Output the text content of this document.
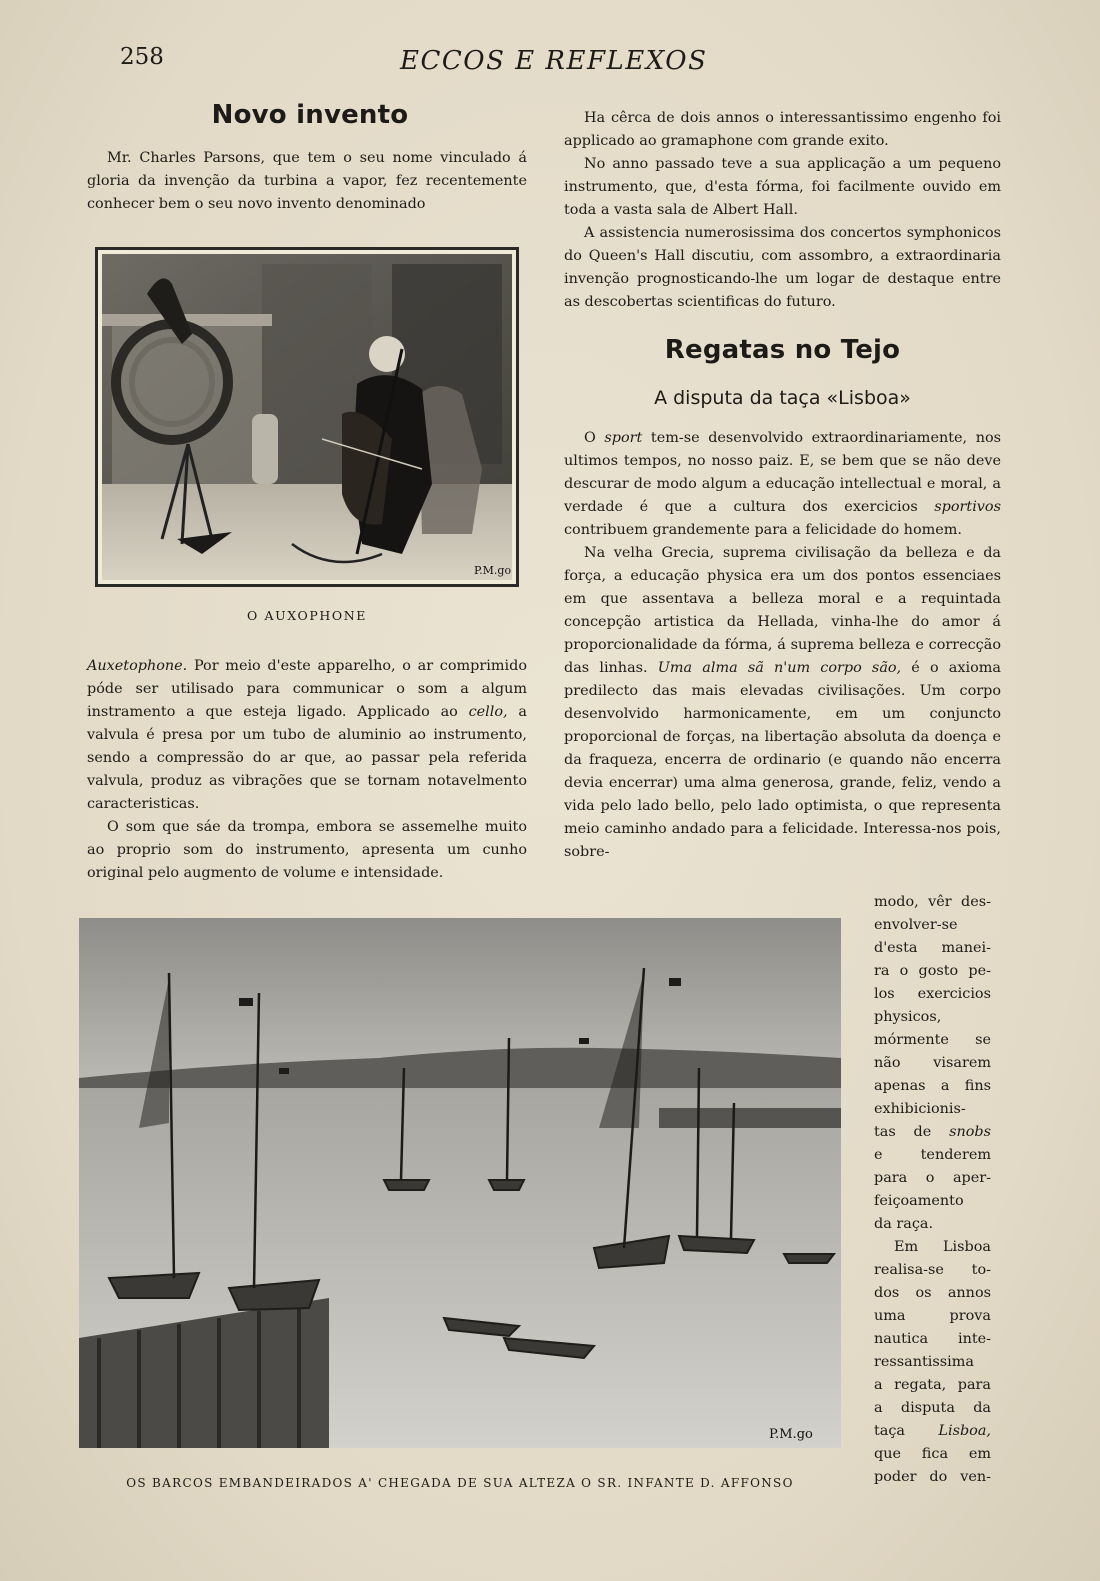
258	ECCOS E REFLEXOS
Novo invento

Mr. Charles Parsons, que tem o seu nome vinculado á gloria da invenção da turbina a vapor, fez recentemente conhecer bem o seu novo invento denominado

P.M.go
O AUXOPHONE

Auxetophone. Por meio d'este apparelho, o ar comprimido póde ser utilisado para communicar o som a algum instramento a que esteja ligado. Applicado ao cello, a valvula é presa por um tubo de aluminio ao instrumento, sendo a compressão do ar que, ao passar pela referida valvula, produz as vibrações que se tornam notavelmento caracteristicas.

O som que sáe da trompa, embora se assemelhe muito ao proprio som do instrumento, apresenta um cunho original pelo augmento de volume e intensidade.

Ha cêrca de dois annos o interessantissimo engenho foi applicado ao gramaphone com grande exito.

No anno passado teve a sua applicação a um pequeno instrumento, que, d'esta fórma, foi facilmente ouvido em toda a vasta sala de Albert Hall.

A assistencia numerosissima dos concertos symphonicos do Queen's Hall discutiu, com assombro, a extraordinaria invenção prognosticando-lhe um logar de destaque entre as descobertas scientificas do futuro.

Regatas no Tejo
A disputa da taça «Lisboa»

O sport tem-se desenvolvido extraordinariamente, nos ultimos tempos, no nosso paiz. E, se bem que se não deve descurar de modo algum a educação intellectual e moral, a verdade é que a cultura dos exercicios sportivos contribuem grandemente para a felicidade do homem.

Na velha Grecia, suprema civilisação da belleza e da força, a educação physica era um dos pontos essenciaes em que assentava a belleza moral e a requintada concepção artistica da Hellada, vinha-lhe do amor á proporcionalidade da fórma, á suprema belleza e correcção das linhas. Uma alma sã n'um corpo são, é o axioma predilecto das mais elevadas civilisações. Um corpo desenvolvido harmonicamente, em um conjuncto proporcional de forças, na libertação absoluta da doença e da fraqueza, encerra de ordinario (e quando não encerra devia encerrar) uma alma generosa, grande, feliz, vendo a vida pelo lado bello, pelo lado optimista, o que representa meio caminho andado para a felicidade. Interessa-nos pois, sobre-

P.M.go
OS BARCOS EMBANDEIRADOS A' CHEGADA DE SUA ALTEZA O SR. INFANTE D. AFFONSO
modo, vêr des-
envolver-se
d'esta manei-
ra o gosto pe-
los exercicios
physicos,
mórmente se
não visarem
apenas a fins
exhibicionis-
tas de snobs
e tenderem
para o aper-
feiçoamento
da raça.
Em Lisboa
realisa-se to-
dos os annos
uma prova
nautica inte-
ressantissima
a regata, para
a disputa da
taça Lisboa,
que fica em
poder do ven-
